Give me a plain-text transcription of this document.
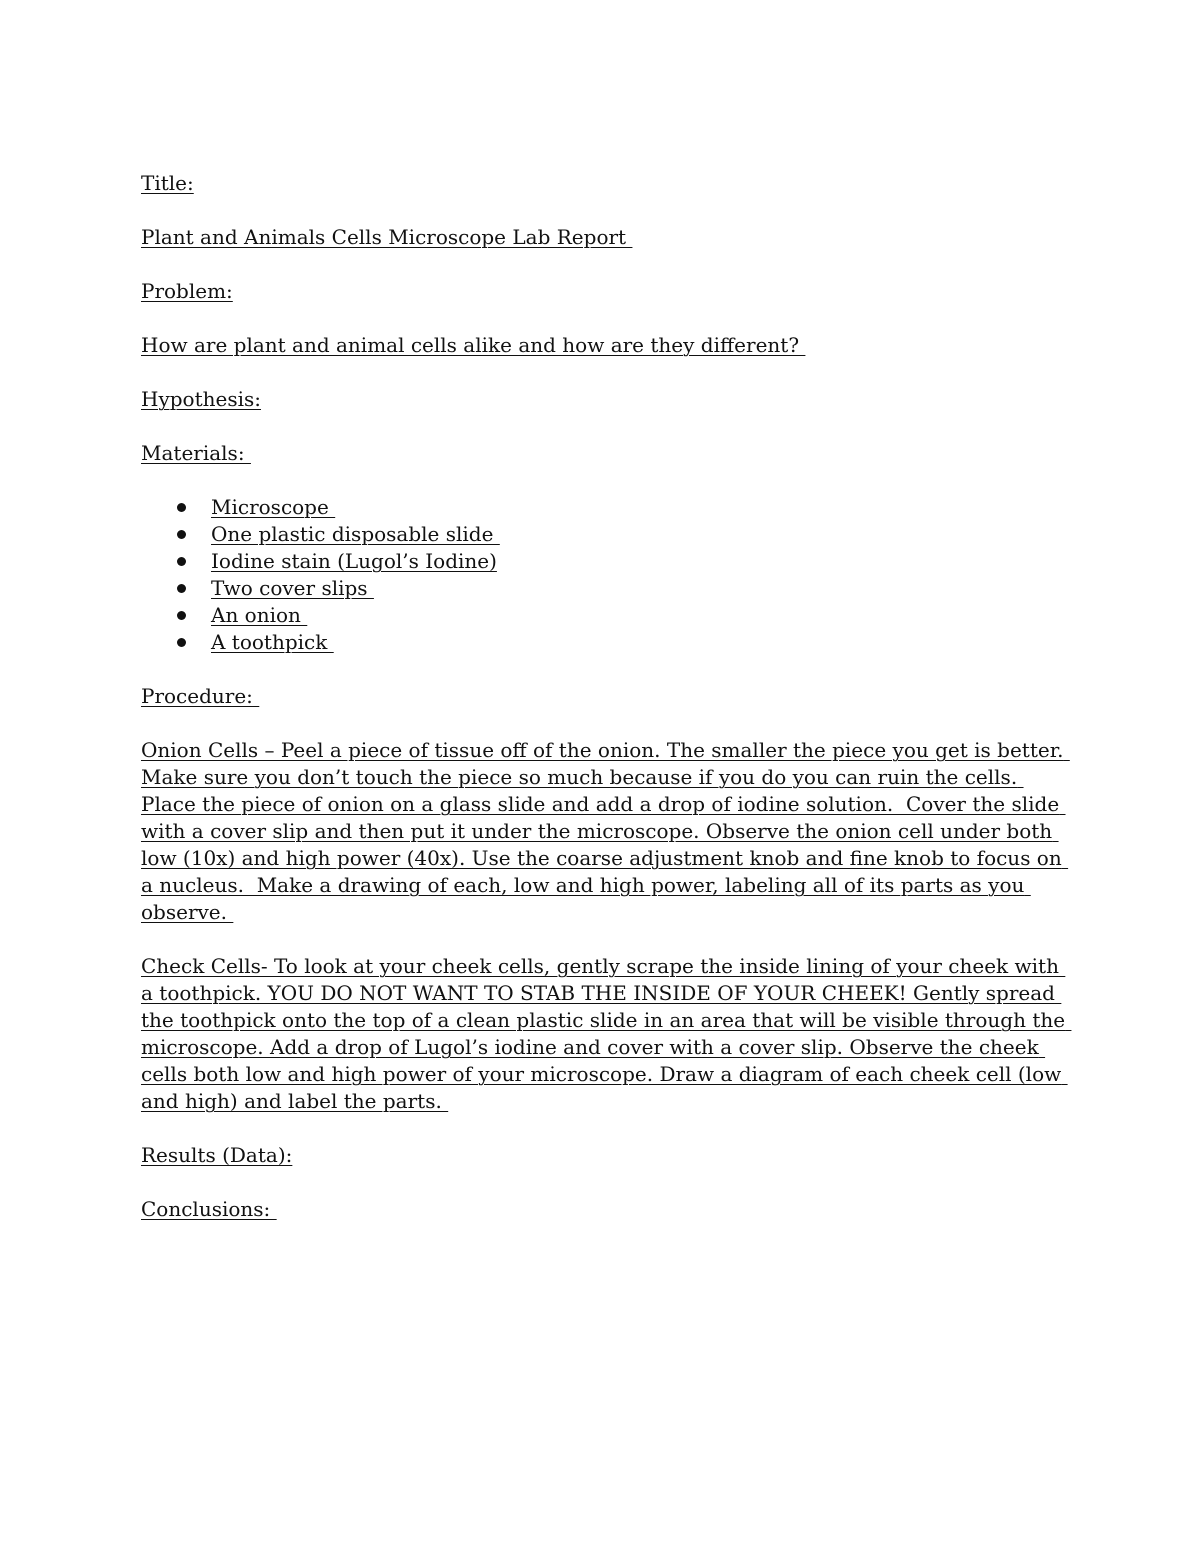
Title:

Plant and Animals Cells Microscope Lab Report

Problem:

How are plant and animal cells alike and how are they different?

Hypothesis:

Materials:

Microscope
One plastic disposable slide
Iodine stain (Lugol’s Iodine)
Two cover slips
An onion
A toothpick

Procedure:

Onion Cells – Peel a piece of tissue off of the onion. The smaller the piece you get is better. Make sure you don’t touch the piece so much because if you do you can ruin the cells. Place the piece of onion on a glass slide and add a drop of iodine solution.  Cover the slide with a cover slip and then put it under the microscope. Observe the onion cell under both low (10x) and high power (40x). Use the coarse adjustment knob and fine knob to focus on a nucleus.  Make a drawing of each, low and high power, labeling all of its parts as you observe.

Check Cells- To look at your cheek cells, gently scrape the inside lining of your cheek with a toothpick. YOU DO NOT WANT TO STAB THE INSIDE OF YOUR CHEEK! Gently spread the toothpick onto the top of a clean plastic slide in an area that will be visible through the microscope. Add a drop of Lugol’s iodine and cover with a cover slip. Observe the cheek cells both low and high power of your microscope. Draw a diagram of each cheek cell (low and high) and label the parts.

Results (Data):

Conclusions:
